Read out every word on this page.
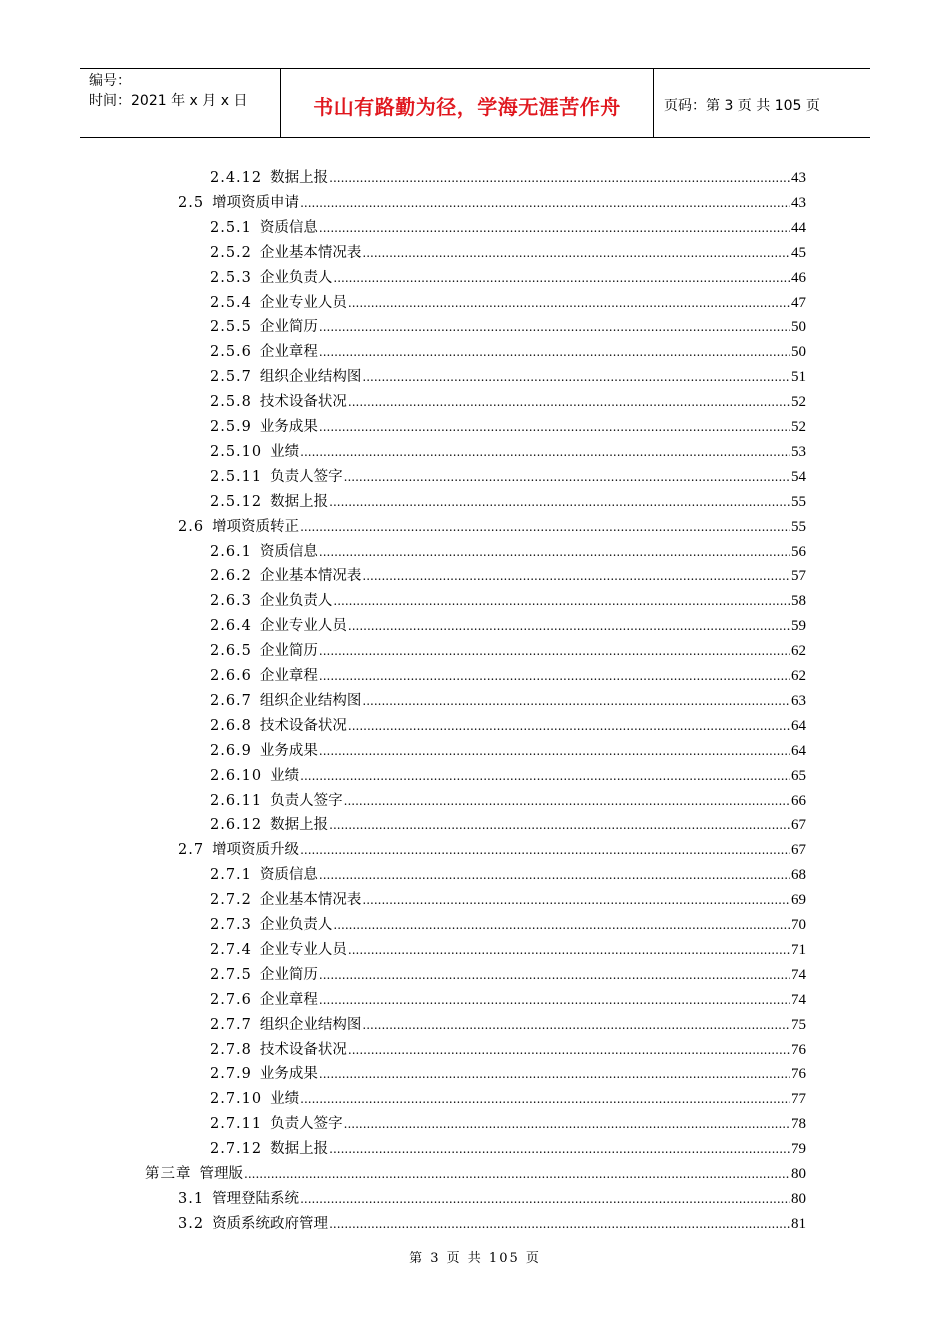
编号：
时间：2021 年 x 月 x 日	书山有路勤为径，学海无涯苦作舟	页码：第 3 页 共 105 页
2.4.12 数据上报 .....	43
2.5 增项资质申请 .....	43
2.5.1 资质信息 .....	44
2.5.2 企业基本情况表 .....	45
2.5.3 企业负责人 .....	46
2.5.4 企业专业人员 .....	47
2.5.5 企业简历 .....	50
2.5.6 企业章程 .....	50
2.5.7 组织企业结构图 .....	51
2.5.8 技术设备状况 .....	52
2.5.9 业务成果 .....	52
2.5.10 业绩 .....	53
2.5.11 负责人签字 .....	54
2.5.12 数据上报 .....	55
2.6 增项资质转正 .....	55
2.6.1 资质信息 .....	56
2.6.2 企业基本情况表 .....	57
2.6.3 企业负责人 .....	58
2.6.4 企业专业人员 .....	59
2.6.5 企业简历 .....	62
2.6.6 企业章程 .....	62
2.6.7 组织企业结构图 .....	63
2.6.8 技术设备状况 .....	64
2.6.9 业务成果 .....	64
2.6.10 业绩 .....	65
2.6.11 负责人签字 .....	66
2.6.12 数据上报 .....	67
2.7 增项资质升级 .....	67
2.7.1 资质信息 .....	68
2.7.2 企业基本情况表 .....	69
2.7.3 企业负责人 .....	70
2.7.4 企业专业人员 .....	71
2.7.5 企业简历 .....	74
2.7.6 企业章程 .....	74
2.7.7 组织企业结构图 .....	75
2.7.8 技术设备状况 .....	76
2.7.9 业务成果 .....	76
2.7.10 业绩 .....	77
2.7.11 负责人签字 .....	78
2.7.12 数据上报 .....	79
第三章 管理版 .....	80
3.1 管理登陆系统 .....	80
3.2 资质系统政府管理 .....	81
第 3 页 共 105 页
